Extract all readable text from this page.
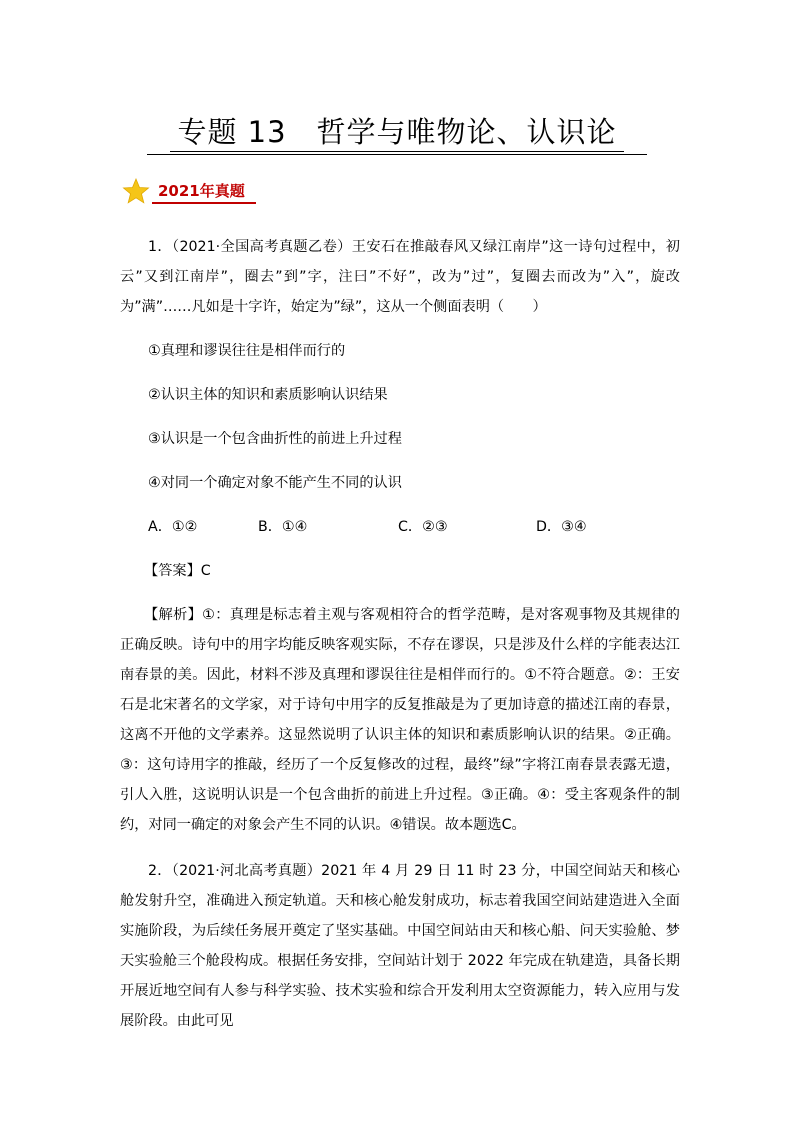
专题 13　哲学与唯物论、认识论
2021年真题

1．（2021·全国高考真题乙卷）王安石在推敲春风又绿江南岸”这一诗句过程中，初云”又到江南岸”，圈去”到”字，注曰”不好”，改为”过”，复圈去而改为”入”，旋改为”满”……凡如是十字许，始定为”绿”，这从一个侧面表明（　　）

①真理和谬误往往是相伴而行的

②认识主体的知识和素质影响认识结果

③认识是一个包含曲折性的前进上升过程

④对同一个确定对象不能产生不同的认识

A．①②	B．①④	C．②③	D．③④

【答案】C

【解析】①：真理是标志着主观与客观相符合的哲学范畴，是对客观事物及其规律的正确反映。诗句中的用字均能反映客观实际，不存在谬误，只是涉及什么样的字能表达江南春景的美。因此，材料不涉及真理和谬误往往是相伴而行的。①不符合题意。②：王安石是北宋著名的文学家，对于诗句中用字的反复推敲是为了更加诗意的描述江南的春景，这离不开他的文学素养。这显然说明了认识主体的知识和素质影响认识的结果。②正确。③：这句诗用字的推敲，经历了一个反复修改的过程，最终”绿”字将江南春景表露无遗，引人入胜，这说明认识是一个包含曲折的前进上升过程。③正确。④：受主客观条件的制约，对同一确定的对象会产生不同的认识。④错误。故本题选C。

2．（2021·河北高考真题）2021 年 4 月 29 日 11 时 23 分，中国空间站天和核心舱发射升空，准确进入预定轨道。天和核心舱发射成功，标志着我国空间站建造进入全面实施阶段，为后续任务展开奠定了坚实基础。中国空间站由天和核心船、问天实验舱、梦天实验舱三个舱段构成。根据任务安排，空间站计划于 2022 年完成在轨建造，具备长期开展近地空间有人参与科学实验、技术实验和综合开发利用太空资源能力，转入应用与发展阶段。由此可见
